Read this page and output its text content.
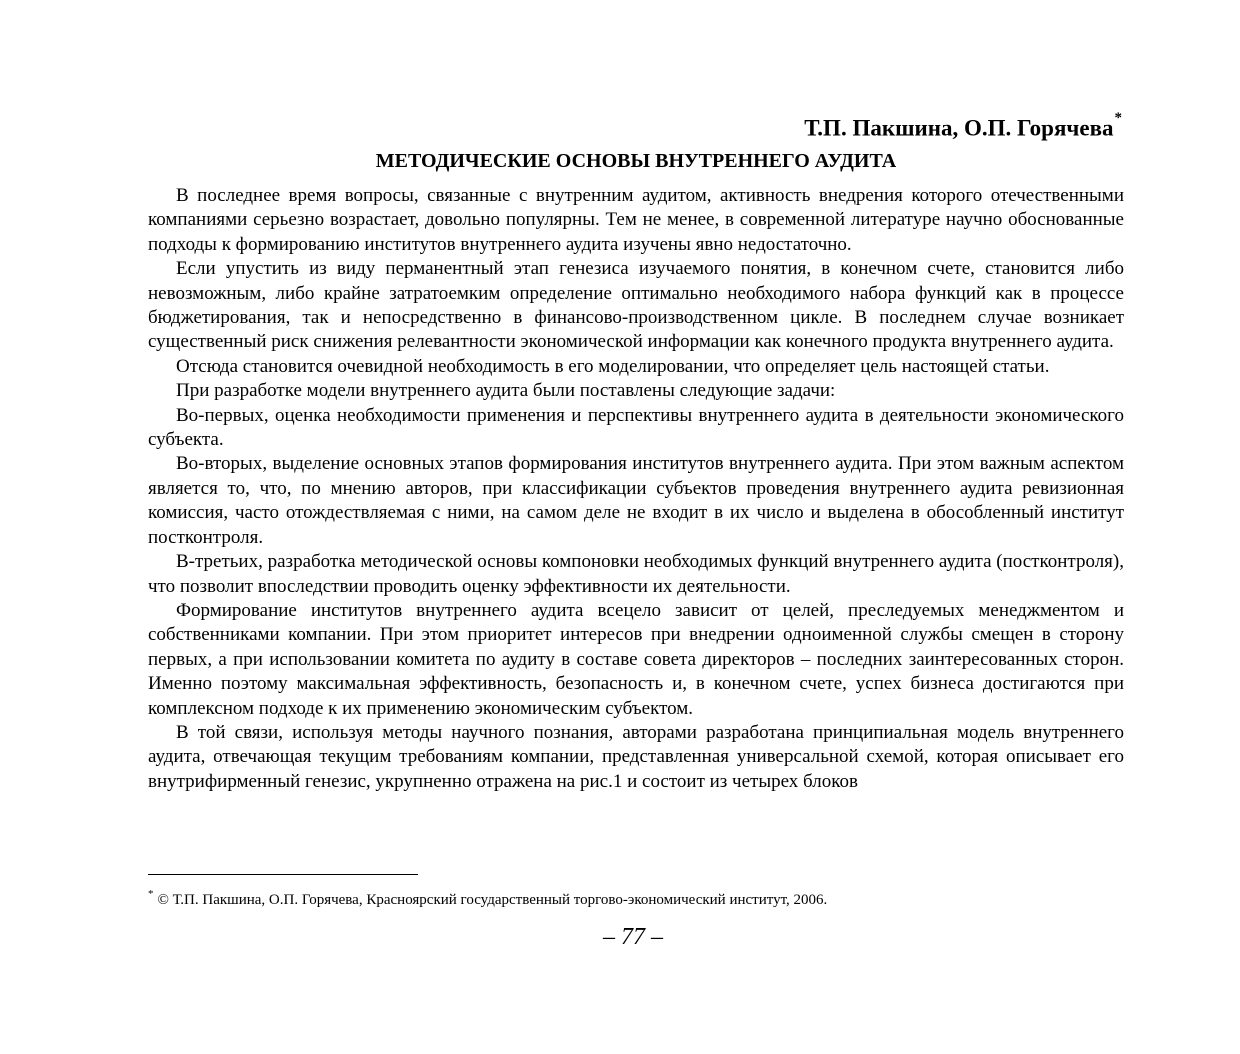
Т.П. Пакшина, О.П. Горячева*
МЕТОДИЧЕСКИЕ ОСНОВЫ ВНУТРЕННЕГО АУДИТА

В последнее время вопросы, связанные с внутренним аудитом, активность внедрения которого отечественными компаниями серьезно возрастает, довольно популярны. Тем не менее, в современной литературе научно обоснованные подходы к формированию институтов внутреннего аудита изучены явно недостаточно.

Если упустить из виду перманентный этап генезиса изучаемого понятия, в конечном счете, становится либо невозможным, либо крайне затратоемким определение оптимально необходимого набора функций как в процессе бюджетирования, так и непосредственно в финансово-производственном цикле. В последнем случае возникает существенный риск снижения релевантности экономической информации как конечного продукта внутреннего аудита.

Отсюда становится очевидной необходимость в его моделировании, что определяет цель настоящей статьи.

При разработке модели внутреннего аудита были поставлены следующие задачи:

Во-первых, оценка необходимости применения и перспективы внутреннего аудита в деятельности экономического субъекта.

Во-вторых, выделение основных этапов формирования институтов внутреннего аудита. При этом важным аспектом является то, что, по мнению авторов, при классификации субъектов проведения внутреннего аудита ревизионная комиссия, часто отождествляемая с ними, на самом деле не входит в их число и выделена в обособленный институт постконтроля.

В-третьих, разработка методической основы компоновки необходимых функций внутреннего аудита (постконтроля), что позволит впоследствии проводить оценку эффективности их деятельности.

Формирование институтов внутреннего аудита всецело зависит от целей, преследуемых менеджментом и собственниками компании. При этом приоритет интересов при внедрении одноименной службы смещен в сторону первых, а при использовании комитета по аудиту в составе совета директоров – последних заинтересованных сторон. Именно поэтому максимальная эффективность, безопасность и, в конечном счете, успех бизнеса достигаются при комплексном подходе к их применению экономическим субъектом.

В той связи, используя методы научного познания, авторами разработана принципиальная модель внутреннего аудита, отвечающая текущим требованиям компании, представленная универсальной схемой, которая описывает его внутрифирменный генезис, укрупненно отражена на рис.1 и состоит из четырех блоков

* © Т.П. Пакшина, О.П. Горячева, Красноярский государственный торгово-экономический институт, 2006.
– 77 –
